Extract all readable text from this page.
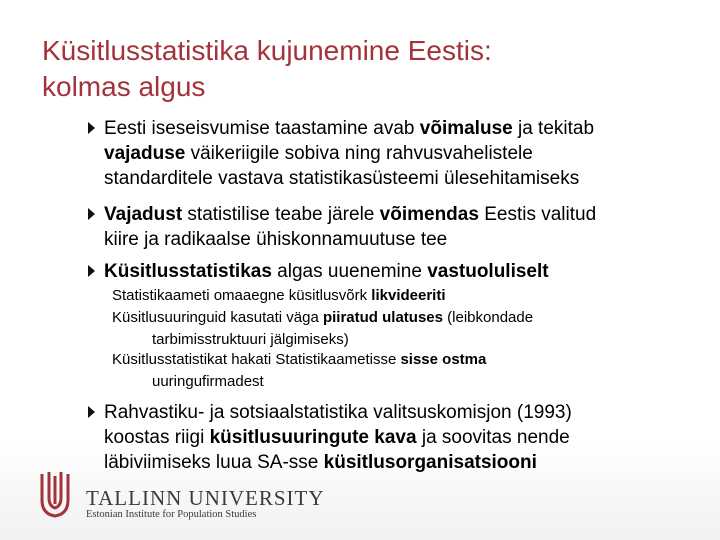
Küsitlusstatistika kujunemine Eestis:
kolmas algus
Eesti iseseisvumise taastamine avab võimaluse ja tekitab
vajaduse väikeriigile sobiva ning rahvusvahelistele
standarditele vastava statistikasüsteemi ülesehitamiseks
Vajadust statistilise teabe järele võimendas Eestis valitud
kiire ja radikaalse ühiskonnamuutuse tee
Küsitlusstatistikas algas uuenemine vastuoluliselt
Statistikaameti omaaegne küsitlusvõrk likvideeriti
Küsitlusuuringuid kasutati väga piiratud ulatuses (leibkondade
tarbimisstruktuuri jälgimiseks)
Küsitlusstatistikat hakati Statistikaametisse sisse ostma
uuringufirmadest
Rahvastiku- ja sotsiaalstatistika valitsuskomisjon (1993)
koostas riigi küsitlusuuringute kava ja soovitas nende
läbiviimiseks luua SA-sse küsitlusorganisatsiooni
TALLINN UNIVERSITY
Estonian Institute for Population Studies
